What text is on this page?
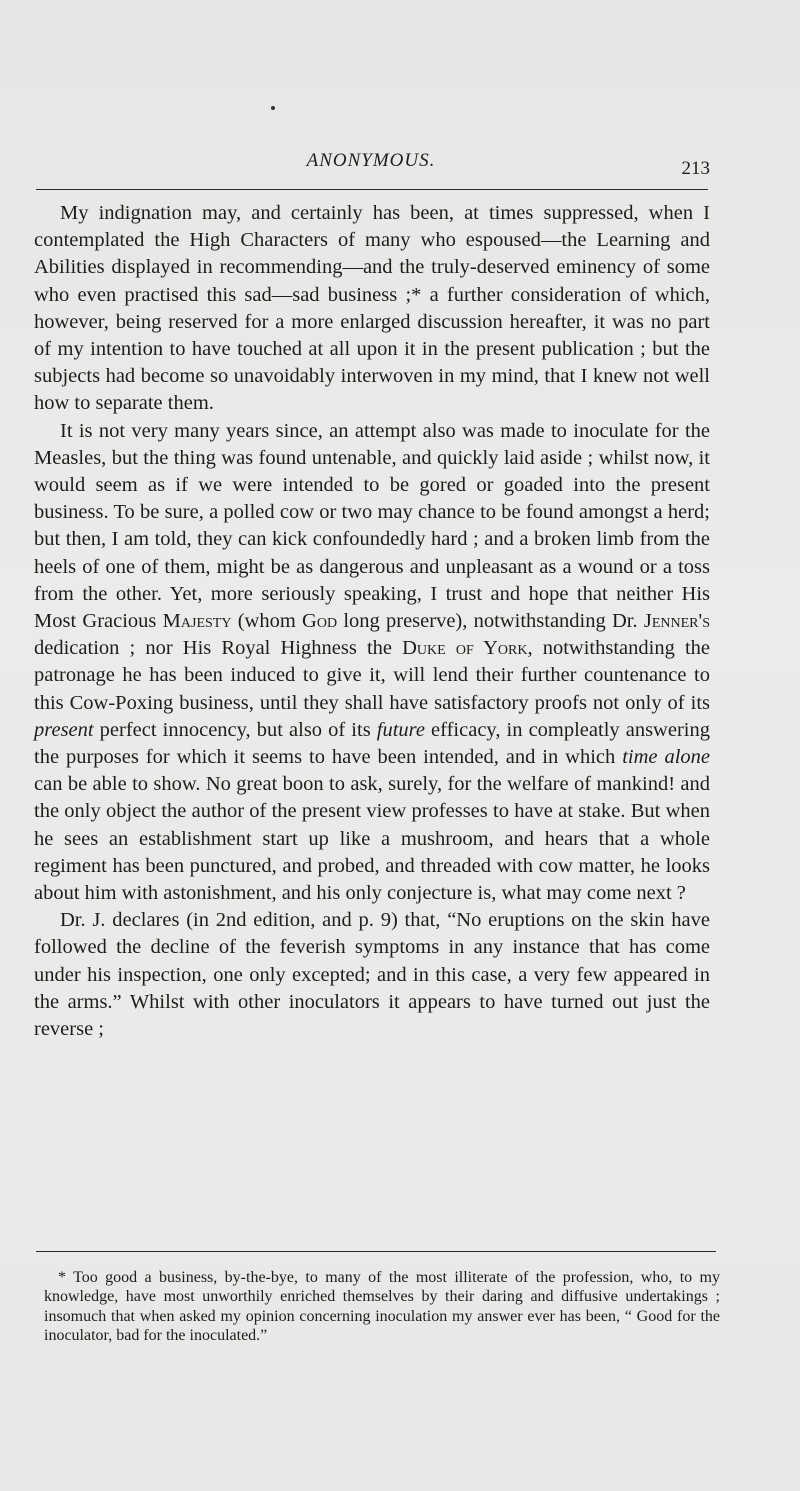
ANONYMOUS.	213

My indignation may, and certainly has been, at times suppressed, when I contemplated the High Characters of many who espoused—the Learning and Abilities displayed in recommending—and the truly-deserved eminency of some who even practised this sad—sad business ;* a further consideration of which, however, being reserved for a more enlarged discussion hereafter, it was no part of my intention to have touched at all upon it in the present publication ; but the subjects had become so unavoidably interwoven in my mind, that I knew not well how to separate them.

It is not very many years since, an attempt also was made to inoculate for the Measles, but the thing was found untenable, and quickly laid aside ; whilst now, it would seem as if we were intended to be gored or goaded into the present business. To be sure, a polled cow or two may chance to be found amongst a herd; but then, I am told, they can kick confoundedly hard ; and a broken limb from the heels of one of them, might be as dangerous and unpleasant as a wound or a toss from the other. Yet, more seriously speaking, I trust and hope that neither His Most Gracious Majesty (whom God long preserve), notwithstanding Dr. Jenner's dedication ; nor His Royal Highness the Duke of York, notwithstanding the patronage he has been induced to give it, will lend their further countenance to this Cow-Poxing business, until they shall have satisfactory proofs not only of its present perfect innocency, but also of its future efficacy, in compleatly answering the purposes for which it seems to have been intended, and in which time alone can be able to show. No great boon to ask, surely, for the welfare of mankind! and the only object the author of the present view professes to have at stake. But when he sees an establishment start up like a mushroom, and hears that a whole regiment has been punctured, and probed, and threaded with cow matter, he looks about him with astonishment, and his only conjecture is, what may come next ?

Dr. J. declares (in 2nd edition, and p. 9) that, “No eruptions on the skin have followed the decline of the feverish symptoms in any instance that has come under his inspection, one only excepted; and in this case, a very few appeared in the arms.” Whilst with other inoculators it appears to have turned out just the reverse ;

* Too good a business, by-the-bye, to many of the most illiterate of the profession, who, to my knowledge, have most unworthily enriched themselves by their daring and diffusive undertakings ; insomuch that when asked my opinion concerning inoculation my answer ever has been, “ Good for the inoculator, bad for the inoculated.”
